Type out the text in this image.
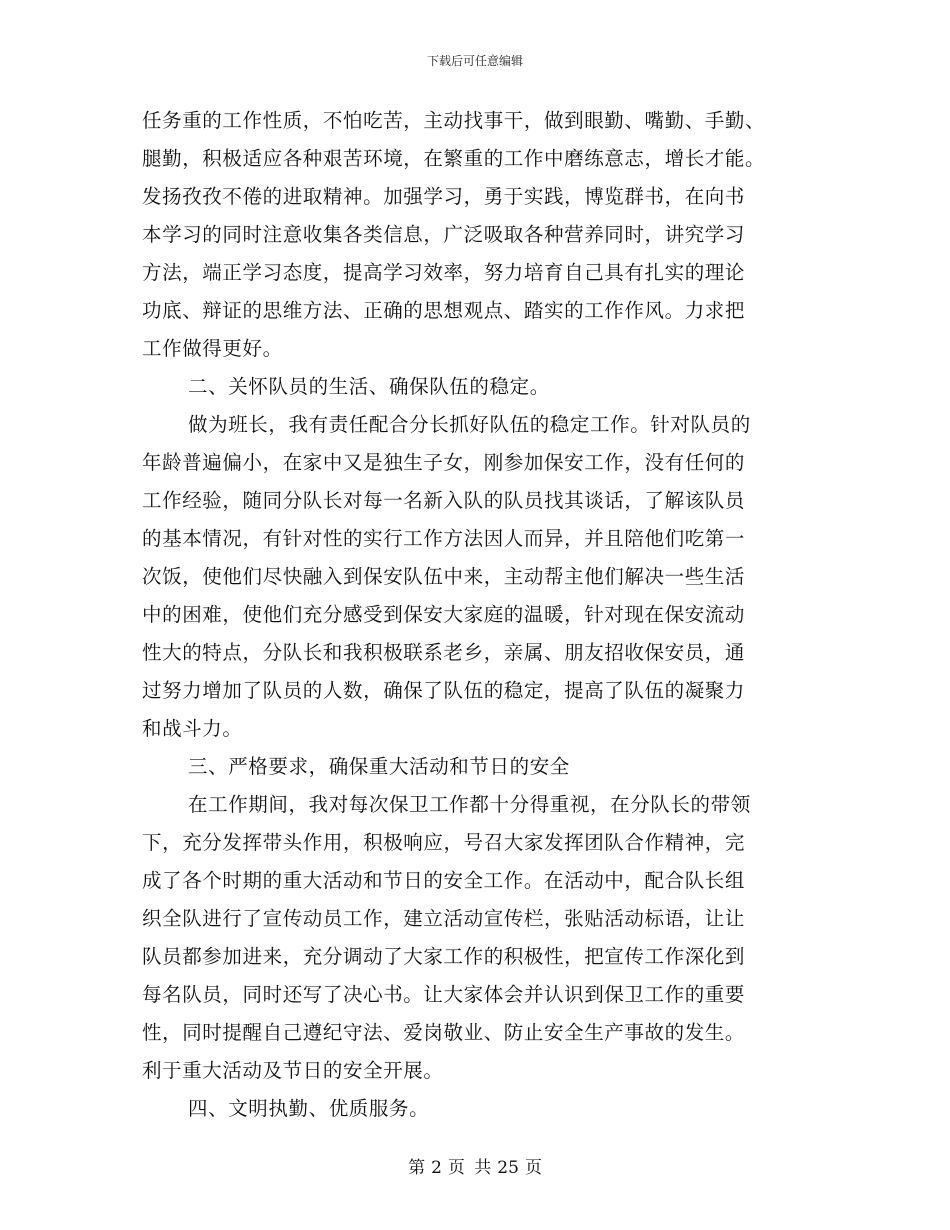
下载后可任意编辑
任务重的工作性质，不怕吃苦，主动找事干，做到眼勤、嘴勤、手勤、
腿勤，积极适应各种艰苦环境，在繁重的工作中磨练意志，增长才能。
发扬孜孜不倦的进取精神。加强学习，勇于实践，博览群书，在向书
本学习的同时注意收集各类信息，广泛吸取各种营养同时，讲究学习
方法，端正学习态度，提高学习效率，努力培育自己具有扎实的理论
功底、辩证的思维方法、正确的思想观点、踏实的工作作风。力求把
工作做得更好。
二、关怀队员的生活、确保队伍的稳定。
做为班长，我有责任配合分长抓好队伍的稳定工作。针对队员的
年龄普遍偏小，在家中又是独生子女，刚参加保安工作，没有任何的
工作经验，随同分队长对每一名新入队的队员找其谈话，了解该队员
的基本情况，有针对性的实行工作方法因人而异，并且陪他们吃第一
次饭，使他们尽快融入到保安队伍中来，主动帮主他们解决一些生活
中的困难，使他们充分感受到保安大家庭的温暖，针对现在保安流动
性大的特点，分队长和我积极联系老乡，亲属、朋友招收保安员，通
过努力增加了队员的人数，确保了队伍的稳定，提高了队伍的凝聚力
和战斗力。
三、严格要求，确保重大活动和节日的安全
在工作期间，我对每次保卫工作都十分得重视，在分队长的带领
下，充分发挥带头作用，积极响应，号召大家发挥团队合作精神，完
成了各个时期的重大活动和节日的安全工作。在活动中，配合队长组
织全队进行了宣传动员工作，建立活动宣传栏，张贴活动标语，让让
队员都参加进来，充分调动了大家工作的积极性，把宣传工作深化到
每名队员，同时还写了决心书。让大家体会并认识到保卫工作的重要
性，同时提醒自己遵纪守法、爱岗敬业、防止安全生产事故的发生。
利于重大活动及节日的安全开展。
四、文明执勤、优质服务。
第 2 页 共 25 页
